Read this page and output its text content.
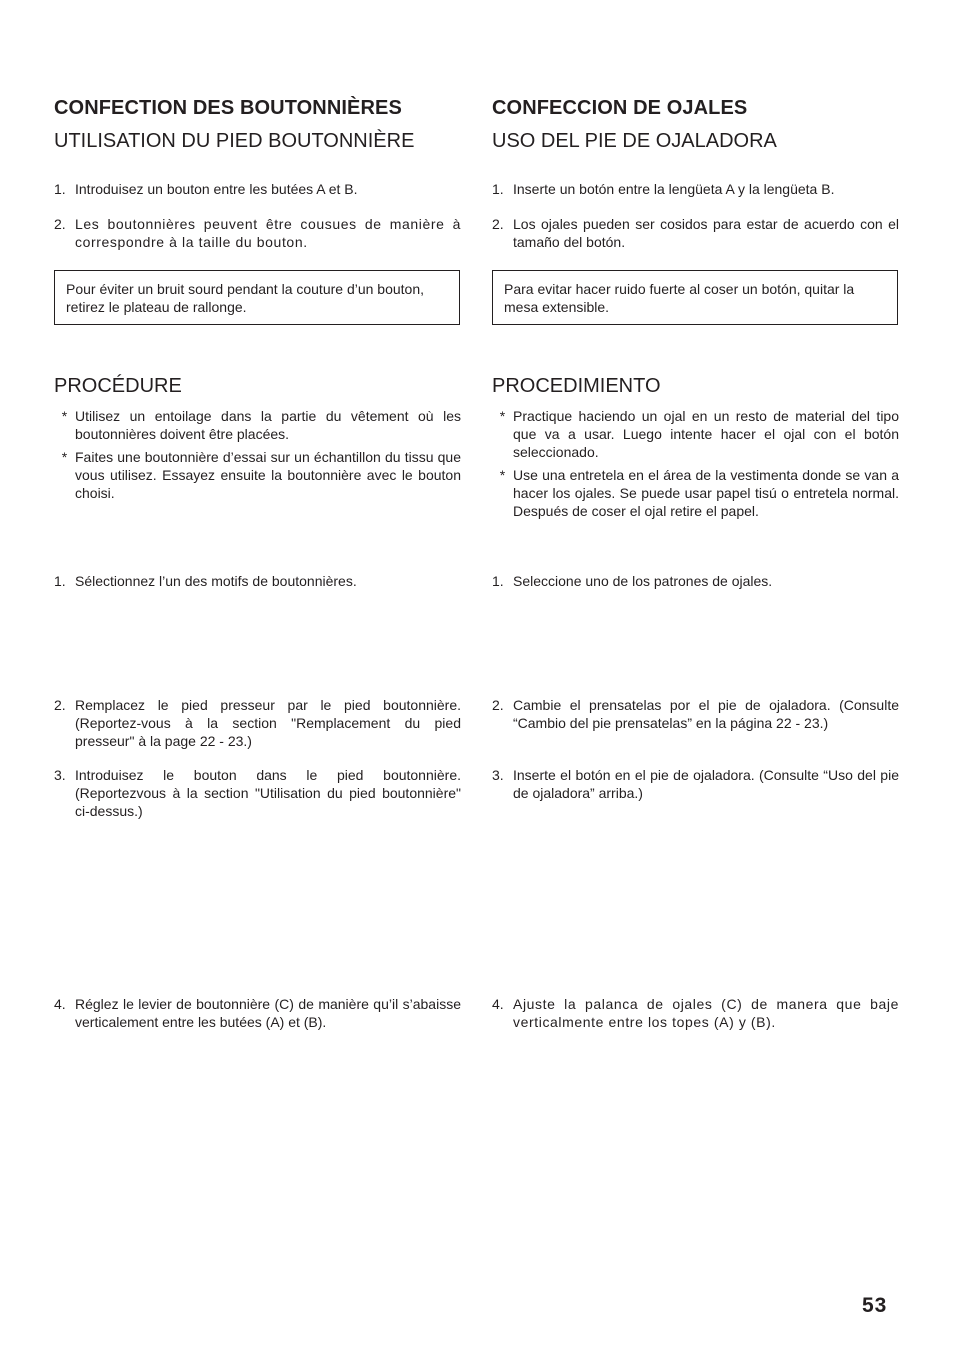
CONFECTION DES BOUTONNIÈRES
UTILISATION DU PIED BOUTONNIÈRE
1. Introduisez un bouton entre les butées A et B.
2. Les boutonnières peuvent être cousues de manière à correspondre à la taille du bouton.
Pour éviter un bruit sourd pendant la couture d’un bouton, retirez le plateau de rallonge.
PROCÉDURE
* Utilisez un entoilage dans la partie du vêtement où les boutonnières doivent être placées.
* Faites une boutonnière d’essai sur un échantillon du tissu que vous utilisez. Essayez ensuite la boutonnière avec le bouton choisi.
1. Sélectionnez l’un des motifs de boutonnières.
2. Remplacez le pied presseur par le pied boutonnière. (Reportez-vous à la section "Remplacement du pied presseur" à la page 22 - 23.)
3. Introduisez le bouton dans le pied boutonnière. (Reportezvous à la section "Utilisation du pied boutonnière" ci-dessus.)
4. Réglez le levier de boutonnière (C) de manière qu’il s’abaisse verticalement entre les butées (A) et (B).
CONFECCION DE OJALES
USO DEL PIE DE OJALADORA
1. Inserte un botón entre la lengüeta A y la lengüeta B.
2. Los ojales pueden ser cosidos para estar de acuerdo con el tamaño del botón.
Para evitar hacer ruido fuerte al coser un botón, quitar la mesa extensible.
PROCEDIMIENTO
* Practique haciendo un ojal en un resto de material del tipo que va a usar. Luego intente hacer el ojal con el botón seleccionado.
* Use una entretela en el área de la vestimenta donde se van a hacer los ojales. Se puede usar papel tisú o entretela normal. Después de coser el ojal retire el papel.
1. Seleccione uno de los patrones de ojales.
2. Cambie el prensatelas por el pie de ojaladora. (Consulte “Cambio del pie prensatelas” en la página 22 - 23.)
3. Inserte el botón en el pie de ojaladora. (Consulte “Uso del pie de ojaladora” arriba.)
4. Ajuste la palanca de ojales (C) de manera que baje verticalmente entre los topes (A) y (B).
53
